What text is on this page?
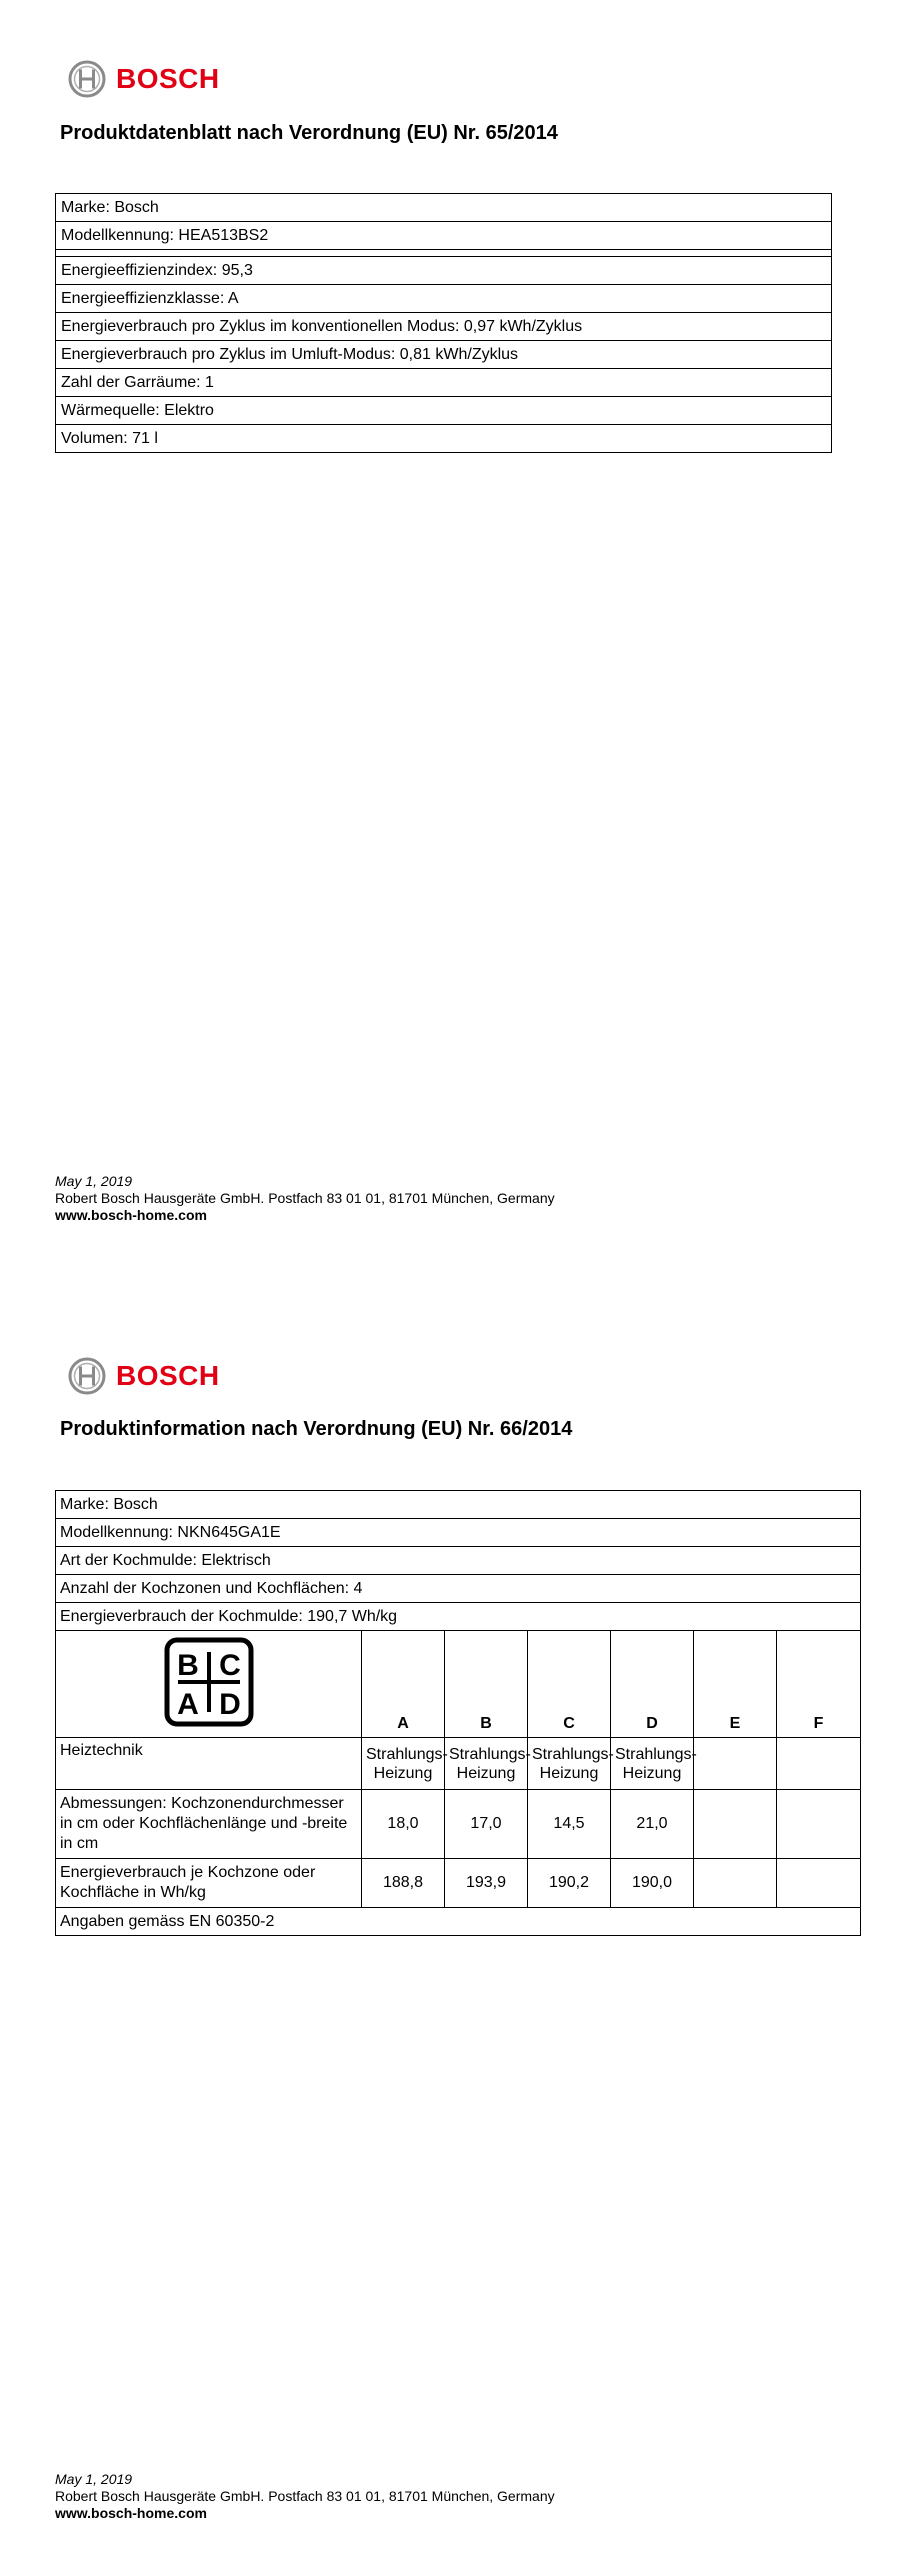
BOSCH
Produktdatenblatt nach Verordnung (EU) Nr. 65/2014
Marke: Bosch
Modellkennung: HEA513BS2

Energieeffizienzindex: 95,3
Energieeffizienzklasse: A
Energieverbrauch pro Zyklus im konventionellen Modus: 0,97 kWh/Zyklus
Energieverbrauch pro Zyklus im Umluft-Modus: 0,81 kWh/Zyklus
Zahl der Garräume: 1
Wärmequelle: Elektro
Volumen: 71 l
May 1, 2019
Robert Bosch Hausgeräte GmbH. Postfach 83 01 01, 81701 München, Germany
www.bosch-home.com
BOSCH
Produktinformation nach Verordnung (EU) Nr. 66/2014
Marke: Bosch						
Modellkennung: NKN645GA1E						
Art der Kochmulde: Elektrisch						
Anzahl der Kochzonen und Kochflächen: 4						
Energieverbrauch der Kochmulde: 190,7 Wh/kg						

B C
A D	A	B	C	D	E	F
Heiztechnik	Strahlungs-Heizung	Strahlungs-Heizung	Strahlungs-Heizung	Strahlungs-Heizung		
Abmessungen: Kochzonendurchmesser in cm oder Kochflächenlänge und -breite in cm	18,0	17,0	14,5	21,0		
Energieverbrauch je Kochzone oder Kochfläche in Wh/kg	188,8	193,9	190,2	190,0		
Angaben gemäss EN 60350-2						
May 1, 2019
Robert Bosch Hausgeräte GmbH. Postfach 83 01 01, 81701 München, Germany
www.bosch-home.com
